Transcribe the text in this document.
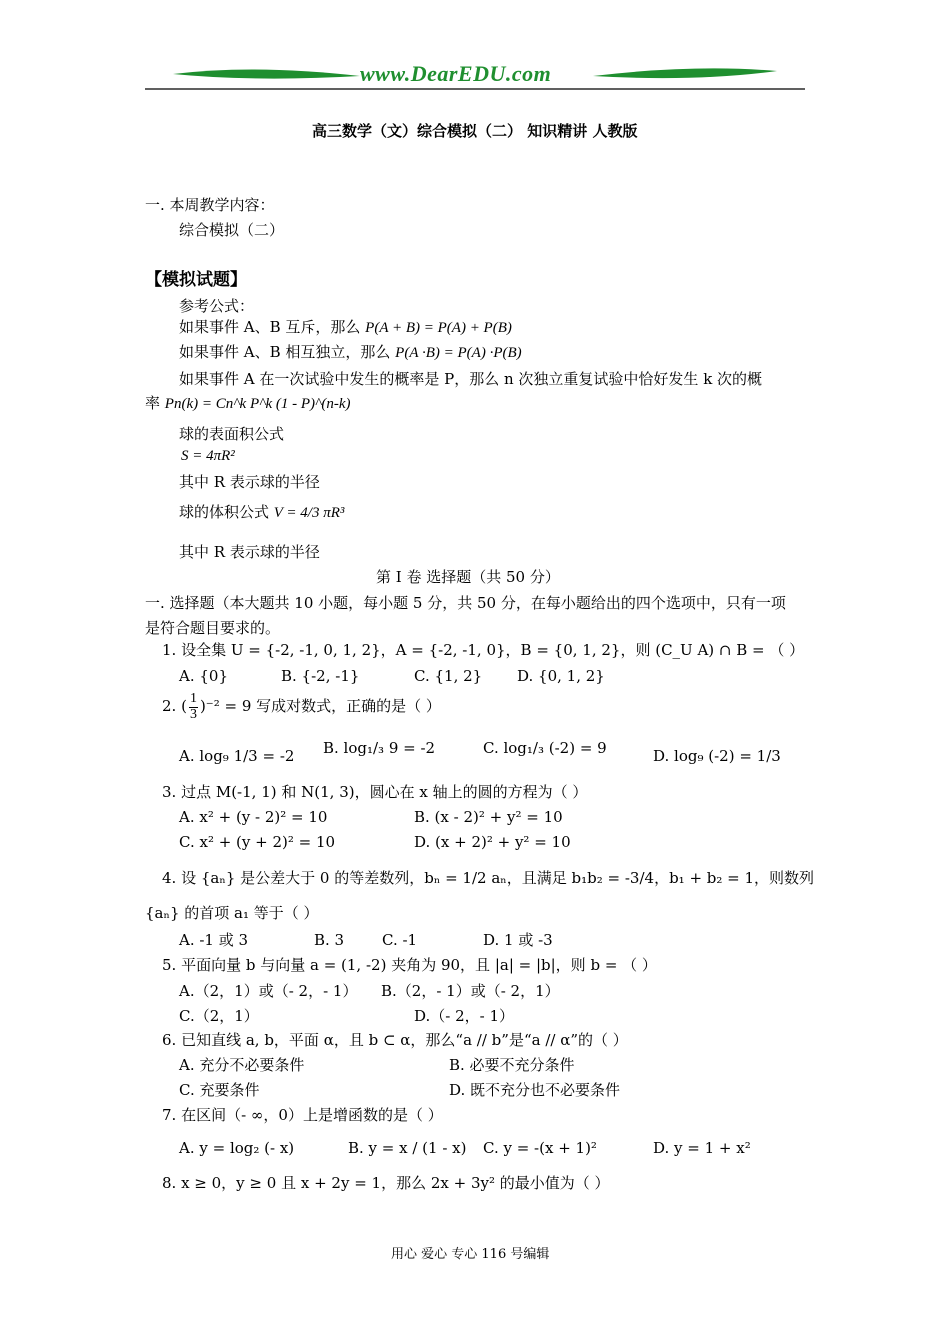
www.DearEDU.com
高三数学（文）综合模拟（二） 知识精讲 人教版
一. 本周教学内容：
综合模拟（二）
【模拟试题】
参考公式：
如果事件 A、B 互斥，那么 P(A + B) = P(A) + P(B)
如果事件 A、B 相互独立，那么 P(A ·B) = P(A) ·P(B)
如果事件 A 在一次试验中发生的概率是 P，那么 n 次独立重复试验中恰好发生 k 次的概
率 Pn(k) = Cn^k P^k (1 - P)^(n-k)
球的表面积公式
S = 4πR²
其中 R 表示球的半径
球的体积公式 V = 4/3 πR³
其中 R 表示球的半径
第 I 卷 选择题（共 50 分）
一. 选择题（本大题共 10 小题，每小题 5 分，共 50 分，在每小题给出的四个选项中，只有一项
是符合题目要求的。
1. 设全集 U = {-2, -1, 0, 1, 2}，A = {-2, -1, 0}，B = {0, 1, 2}，则 (C_U A) ∩ B = （ ）
A. {0}	B. {-2, -1}	C. {1, 2} D. {0, 1, 2}
2. ( $\frac{1}{3} )^{-2} = 9$ 写成对数式，正确的是（ ）
A. log₉ 1/3 = -2 B. log₁/₃ 9 = -2	C. log₁/₃ (-2) = 9	D. log₉ (-2) = 1/3
3. 过点 M(-1, 1) 和 N(1, 3)，圆心在 x 轴上的圆的方程为（ ）
A. x² + (y - 2)² = 10	B. (x - 2)² + y² = 10
C. x² + (y + 2)² = 10	D. (x + 2)² + y² = 10
4. 设 {aₙ} 是公差大于 0 的等差数列，bₙ = 1/2 aₙ，且满足 b₁b₂ = -3/4，b₁ + b₂ = 1，则数列
{aₙ} 的首项 a₁ 等于（ ）
A. -1 或 3	B. 3	C. -1	D. 1 或 -3
5. 平面向量 b 与向量 a = (1, -2) 夹角为 90，且 |a| = |b|，则 b = （ ）
A.（2，1）或（- 2，- 1） B.（2，- 1）或（- 2，1）
C.（2，1）	D.（- 2，- 1）
6. 已知直线 a, b，平面 α，且 b ⊂ α，那么“a // b”是“a // α”的（ ）
A. 充分不必要条件	B. 必要不充分条件
C. 充要条件	D. 既不充分也不必要条件
7. 在区间（- ∞，0）上是增函数的是（ ）
A. y = log₂ (- x)	B. y = x / (1 - x) C. y = -(x + 1)²	D. y = 1 + x²
8. x ≥ 0，y ≥ 0 且 x + 2y = 1，那么 2x + 3y² 的最小值为（ ）
用心 爱心 专心 116 号编辑
